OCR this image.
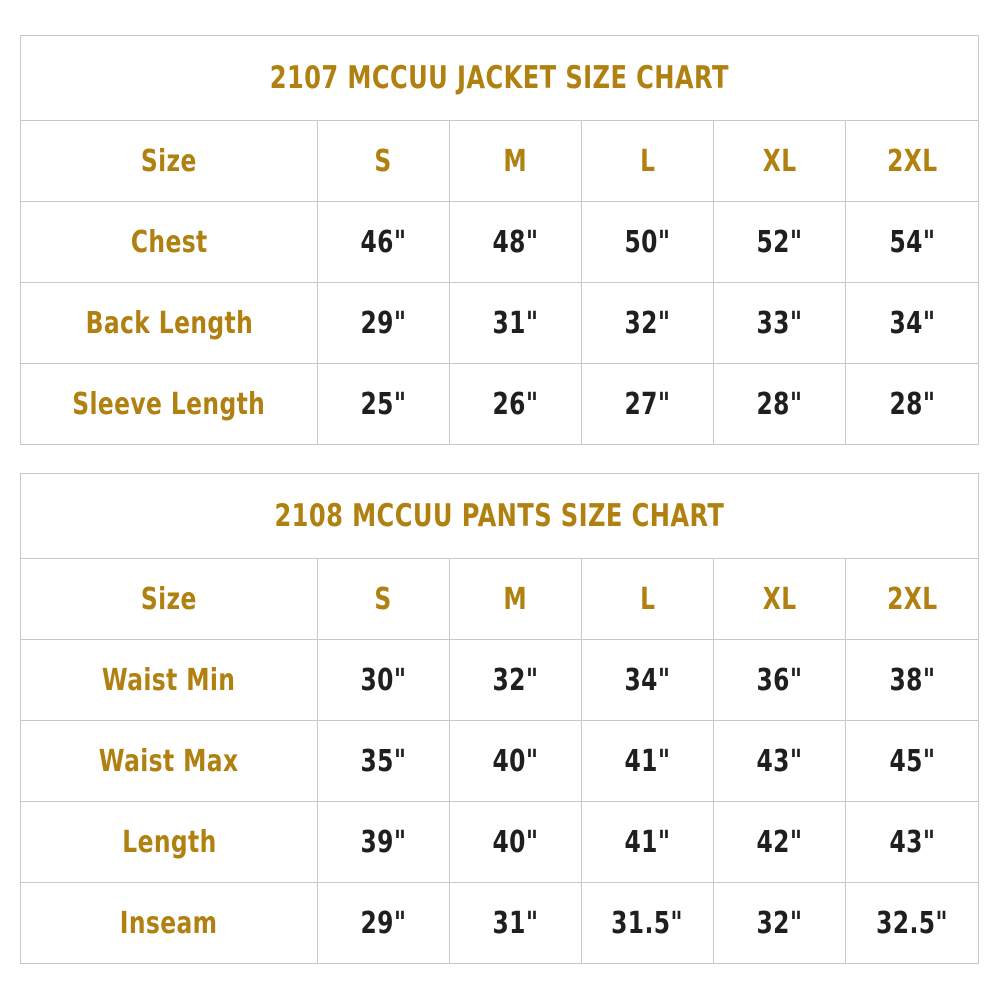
2107 MCCUU JACKET SIZE CHART					
Size	S	M	L	XL	2XL
Chest	46"	48"	50"	52"	54"
Back Length	29"	31"	32"	33"	34"
Sleeve Length	25"	26"	27"	28"	28"
2108 MCCUU PANTS SIZE CHART					
Size	S	M	L	XL	2XL
Waist Min	30"	32"	34"	36"	38"
Waist Max	35"	40"	41"	43"	45"
Length	39"	40"	41"	42"	43"
Inseam	29"	31"	31.5"	32"	32.5"
